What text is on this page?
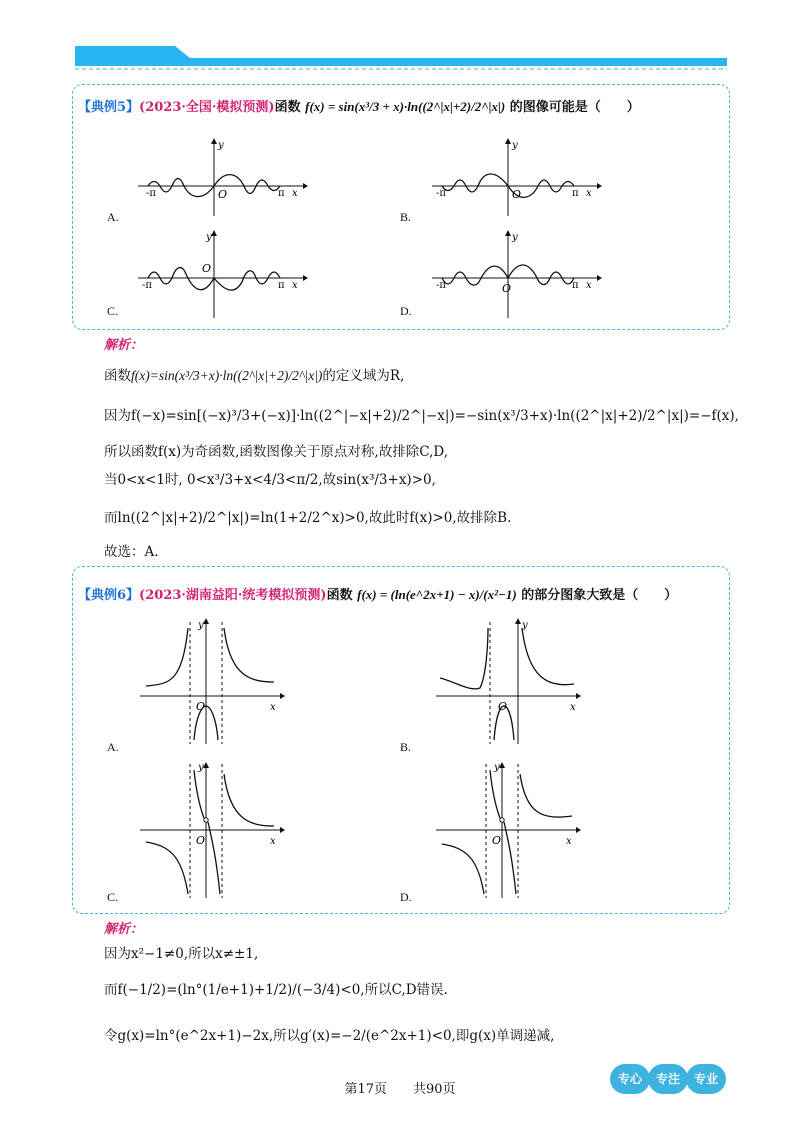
【典例5】(2023·全国·模拟预测)函数 f(x) = sin(x³/3 + x)·ln((2^|x|+2)/2^|x|) 的图像可能是（　　）
y
O
-π	π x
A.
y
O
-π	π x
B.
y
O
-π	π x
C.
y
O
-π	π x
D.
解析：
函数f(x)=sin(x³/3+x)·ln((2^|x|+2)/2^|x|)的定义域为R,
因为f(−x)=sin[(−x)³/3+(−x)]·ln((2^|−x|+2)/2^|−x|)=−sin(x³/3+x)·ln((2^|x|+2)/2^|x|)=−f(x),
所以函数f(x)为奇函数,函数图像关于原点对称,故排除C,D,
当0<x<1时, 0<x³/3+x<4/3<π/2,故sin(x³/3+x)>0,
而ln((2^|x|+2)/2^|x|)=ln(1+2/2^x)>0,故此时f(x)>0,故排除B.
故选：A.
【典例6】(2023·湖南益阳·统考模拟预测)函数 f(x) = (ln(e^2x+1) − x)/(x²−1) 的部分图象大致是（　　）
y
O	x
A.
y
O	x
B.
y
O	x
C.
y
O	x
D.
解析：
因为x²−1≠0,所以x≠±1,
而f(−1/2)=(ln°(1/e+1)+1/2)/(−3/4)<0,所以C,D错误.
令g(x)=ln°(e^2x+1)−2x,所以g′(x)=−2/(e^2x+1)<0,即g(x)单调递减,
第17页　　共90页
专心	专注	专业
